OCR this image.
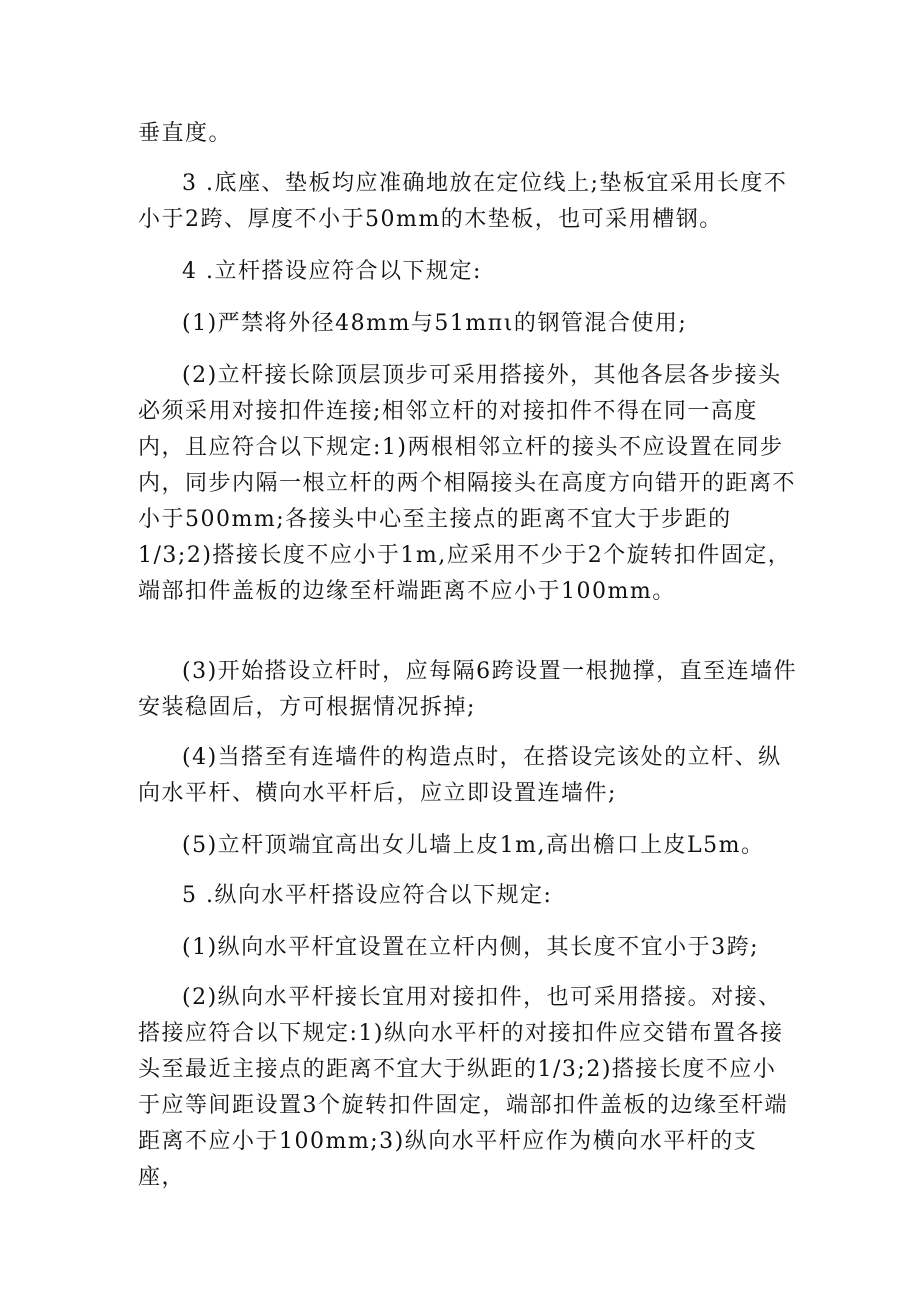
垂直度。

3 .底座、垫板均应准确地放在定位线上;垫板宜采用长度不小于2跨、厚度不小于50mm的木垫板，也可采用槽钢。

4 .立杆搭设应符合以下规定:

(1)严禁将外径48mm与51mπι的钢管混合使用;

(2)立杆接长除顶层顶步可采用搭接外，其他各层各步接头必须采用对接扣件连接;相邻立杆的对接扣件不得在同一高度内，且应符合以下规定:1)两根相邻立杆的接头不应设置在同步内，同步内隔一根立杆的两个相隔接头在高度方向错开的距离不小于500mm;各接头中心至主接点的距离不宜大于步距的1/3;2)搭接长度不应小于1m,应采用不少于2个旋转扣件固定，端部扣件盖板的边缘至杆端距离不应小于100mm。

(3)开始搭设立杆时，应每隔6跨设置一根抛撑，直至连墙件安装稳固后，方可根据情况拆掉;

(4)当搭至有连墙件的构造点时，在搭设完该处的立杆、纵向水平杆、横向水平杆后，应立即设置连墙件;

(5)立杆顶端宜高出女儿墙上皮1m,高出檐口上皮L5m。

5 .纵向水平杆搭设应符合以下规定:

(1)纵向水平杆宜设置在立杆内侧，其长度不宜小于3跨;

(2)纵向水平杆接长宜用对接扣件，也可采用搭接。对接、搭接应符合以下规定:1)纵向水平杆的对接扣件应交错布置各接头至最近主接点的距离不宜大于纵距的1/3;2)搭接长度不应小于应等间距设置3个旋转扣件固定，端部扣件盖板的边缘至杆端距离不应小于100mm;3)纵向水平杆应作为横向水平杆的支座，
